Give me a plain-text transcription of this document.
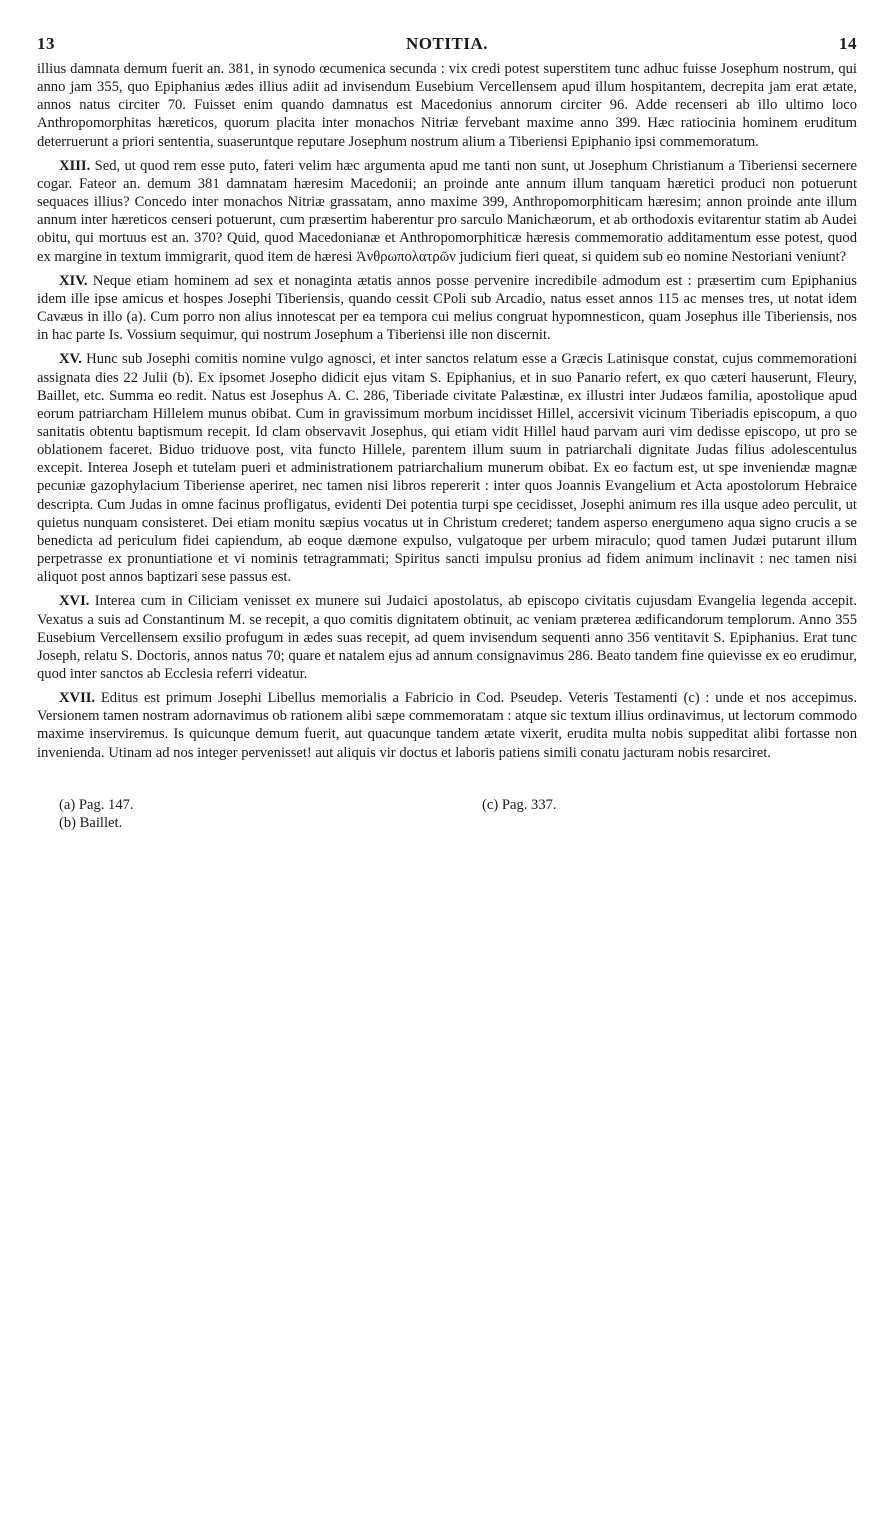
13	NOTITIA.	14

illius damnata demum fuerit an. 381, in synodo œcumenica secunda : vix credi potest superstitem tunc adhuc fuisse Josephum nostrum, qui anno jam 355, quo Epiphanius ædes illius adiit ad invisendum Eusebium Vercellensem apud illum hospitantem, decrepita jam erat ætate, annos natus circiter 70. Fuisset enim quando damnatus est Macedonius annorum circiter 96. Adde recenseri ab illo ultimo loco Anthropomorphitas hæreticos, quorum placita inter monachos Nitriæ fervebant maxime anno 399. Hæc ratiocinia hominem eruditum deterruerunt a priori sententia, suaseruntque reputare Josephum nostrum alium a Tiberiensi Epiphanio ipsi commemoratum.

XIII. Sed, ut quod rem esse puto, fateri velim hæc argumenta apud me tanti non sunt, ut Josephum Christianum a Tiberiensi secernere cogar. Fateor an. demum 381 damnatam hæresim Macedonii; an proinde ante annum illum tanquam hæretici produci non potuerunt sequaces illius? Concedo inter monachos Nitriæ grassatam, anno maxime 399, Anthropomorphiticam hæresim; annon proinde ante illum annum inter hæreticos censeri potuerunt, cum præsertim haberentur pro sarculo Manichæorum, et ab orthodoxis evitarentur statim ab Audei obitu, qui mortuus est an. 370? Quid, quod Macedonianæ et Anthropomorphiticæ hæresis commemoratio additamentum esse potest, quod ex margine in textum immigrarit, quod item de hæresi Ἀνθρωπολατρῶν judicium fieri queat, si quidem sub eo nomine Nestoriani veniunt?

XIV. Neque etiam hominem ad sex et nonaginta ætatis annos posse pervenire incredibile admodum est : præsertim cum Epiphanius idem ille ipse amicus et hospes Josephi Tiberiensis, quando cessit CPoli sub Arcadio, natus esset annos 115 ac menses tres, ut notat idem Cavæus in illo (a). Cum porro non alius innotescat per ea tempora cui melius congruat hypomnesticon, quam Josephus ille Tiberiensis, nos in hac parte Is. Vossium sequimur, qui nostrum Josephum a Tiberiensi ille non discernit.

XV. Hunc sub Josephi comitis nomine vulgo agnosci, et inter sanctos relatum esse a Græcis Latinisque constat, cujus commemorationi assignata dies 22 Julii (b). Ex ipsomet Josepho didicit ejus vitam S. Epiphanius, et in suo Panario refert, ex quo cæteri hauserunt, Fleury, Baillet, etc. Summa eo redit. Natus est Josephus A. C. 286, Tiberiade civitate Palæstinæ, ex illustri inter Judæos familia, apostolique apud eorum patriarcham Hillelem munus obibat. Cum in gravissimum morbum incidisset Hillel, accersivit vicinum Tiberiadis episcopum, a quo sanitatis obtentu baptismum recepit. Id clam observavit Josephus, qui etiam vidit Hillel haud parvam auri vim dedisse episcopo, ut pro se oblationem faceret. Biduo triduove post, vita functo Hillele, parentem illum suum in patriarchali dignitate Judas filius adolescentulus excepit. Interea Joseph et tutelam pueri et administrationem patriarchalium munerum obibat. Ex eo factum est, ut spe inveniendæ magnæ pecuniæ gazophylacium Tiberiense aperiret, nec tamen nisi libros repererit : inter quos Joannis Evangelium et Acta apostolorum Hebraice descripta. Cum Judas in omne facinus profligatus, evidenti Dei potentia turpi spe cecidisset, Josephi animum res illa usque adeo perculit, ut quietus nunquam consisteret. Dei etiam monitu sæpius vocatus ut in Christum crederet; tandem asperso energumeno aqua signo crucis a se benedicta ad periculum fidei capiendum, ab eoque dæmone expulso, vulgatoque per urbem miraculo; quod tamen Judæi putarunt illum perpetrasse ex pronuntiatione et vi nominis tetragrammati; Spiritus sancti impulsu pronius ad fidem animum inclinavit : nec tamen nisi aliquot post annos baptizari sese passus est.

XVI. Interea cum in Ciliciam venisset ex munere sui Judaici apostolatus, ab episcopo civitatis cujusdam Evangelia legenda accepit. Vexatus a suis ad Constantinum M. se recepit, a quo comitis dignitatem obtinuit, ac veniam præterea ædificandorum templorum. Anno 355 Eusebium Vercellensem exsilio profugum in ædes suas recepit, ad quem invisendum sequenti anno 356 ventitavit S. Epiphanius. Erat tunc Joseph, relatu S. Doctoris, annos natus 70; quare et natalem ejus ad annum consignavimus 286. Beato tandem fine quievisse ex eo erudimur, quod inter sanctos ab Ecclesia referri videatur.

XVII. Editus est primum Josephi Libellus memorialis a Fabricio in Cod. Pseudep. Veteris Testamenti (c) : unde et nos accepimus. Versionem tamen nostram adornavimus ob rationem alibi sæpe commemoratam : atque sic textum illius ordinavimus, ut lectorum commodo maxime inserviremus. Is quicunque demum fuerit, aut quacunque tandem ætate vixerit, erudita multa nobis suppeditat alibi fortasse non invenienda. Utinam ad nos integer pervenisset! aut aliquis vir doctus et laboris patiens simili conatu jacturam nobis resarciret.

(a) Pag. 147.
(b) Baillet.
(c) Pag. 337.
